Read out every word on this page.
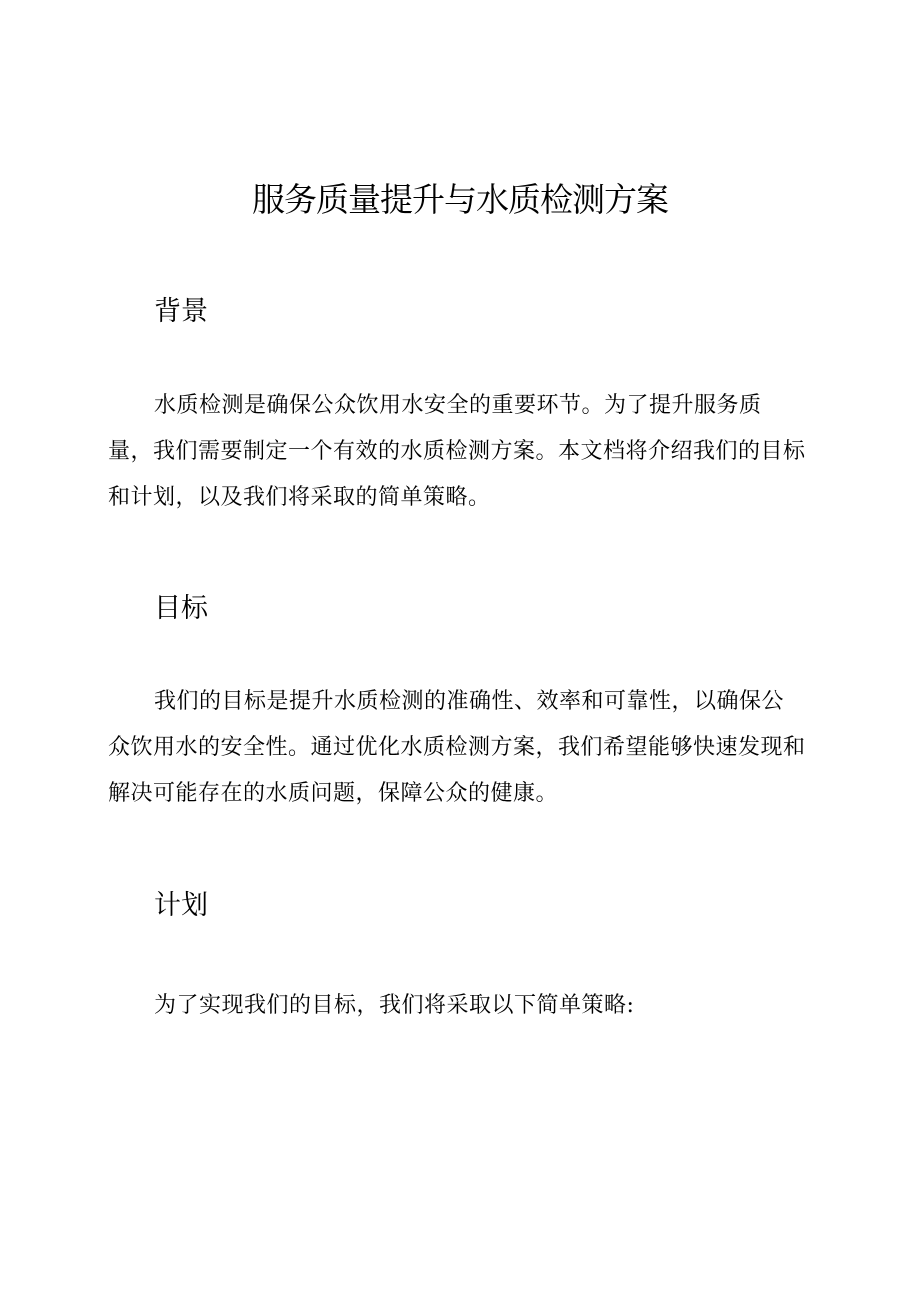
服务质量提升与水质检测方案
背景

水质检测是确保公众饮用水安全的重要环节。为了提升服务质量，我们需要制定一个有效的水质检测方案。本文档将介绍我们的目标和计划，以及我们将采取的简单策略。

目标

我们的目标是提升水质检测的准确性、效率和可靠性，以确保公众饮用水的安全性。通过优化水质检测方案，我们希望能够快速发现和解决可能存在的水质问题，保障公众的健康。

计划

为了实现我们的目标，我们将采取以下简单策略:
